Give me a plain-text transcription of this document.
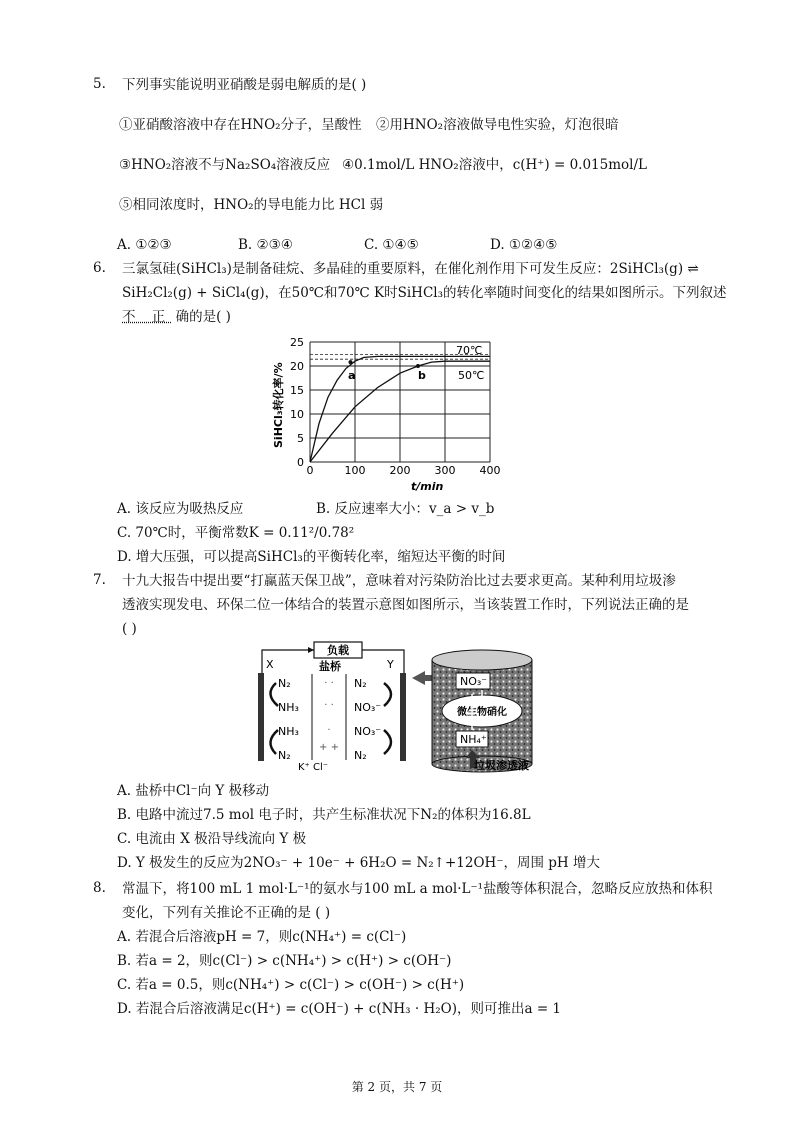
5. 下列事实能说明亚硝酸是弱电解质的是( )
①亚硝酸溶液中存在HNO₂分子，呈酸性 ②用HNO₂溶液做导电性实验，灯泡很暗
③HNO₂溶液不与Na₂SO₄溶液反应 ④0.1mol/L HNO₂溶液中，c(H⁺) = 0.015mol/L
⑤相同浓度时，HNO₂的导电能力比 HCl 弱
A. ①②③	B. ②③④	C. ①④⑤	D. ①②④⑤
6. 三氯氢硅(SiHCl₃)是制备硅烷、多晶硅的重要原料，在催化剂作用下可发生反应：2SiHCl₃(g) ⇌
SiH₂Cl₂(g) + SiCl₄(g)，在50℃和70℃ K时SiHCl₃的转化率随时间变化的结果如图所示。下列叙述
不 正 确的是( )
0	100 200 300 400
0
5
10
15
20
25
SiHCl₃转化率/%
t/min
70℃
50℃
a	b
A. 该反应为吸热反应	B. 反应速率大小：v_a > v_b
C. 70℃时，平衡常数K = 0.11²/0.78²
D. 增大压强，可以提高SiHCl₃的平衡转化率，缩短达平衡的时间
7. 十九大报告中提出要“打赢蓝天保卫战”，意味着对污染防治比过去要求更高。某种利用垃圾渗
透液实现发电、环保二位一体结合的装置示意图如图所示，当该装置工作时，下列说法正确的是
( )
负载
盐桥
X	Y
· ·
· ·
·
+ +
K⁺ Cl⁻
N₂
NH₃
NH₃
N₂
N₂
NO₃⁻
NO₃⁻
N₂
NO₃⁻
微生物硝化
NH₄⁺
垃圾渗透液
A. 盐桥中Cl⁻向 Y 极移动
B. 电路中流过7.5 mol 电子时，共产生标准状况下N₂的体积为16.8L
C. 电流由 X 极沿导线流向 Y 极
D. Y 极发生的反应为2NO₃⁻ + 10e⁻ + 6H₂O = N₂↑+12OH⁻，周围 pH 增大
8. 常温下，将100 mL 1 mol·L⁻¹的氨水与100 mL a mol·L⁻¹盐酸等体积混合，忽略反应放热和体积
变化，下列有关推论不正确的是 ( )
A. 若混合后溶液pH = 7，则c(NH₄⁺) = c(Cl⁻)
B. 若a = 2，则c(Cl⁻) > c(NH₄⁺) > c(H⁺) > c(OH⁻)
C. 若a = 0.5，则c(NH₄⁺) > c(Cl⁻) > c(OH⁻) > c(H⁺)
D. 若混合后溶液满足c(H⁺) = c(OH⁻) + c(NH₃ · H₂O)，则可推出a = 1
第 2 页，共 7 页
